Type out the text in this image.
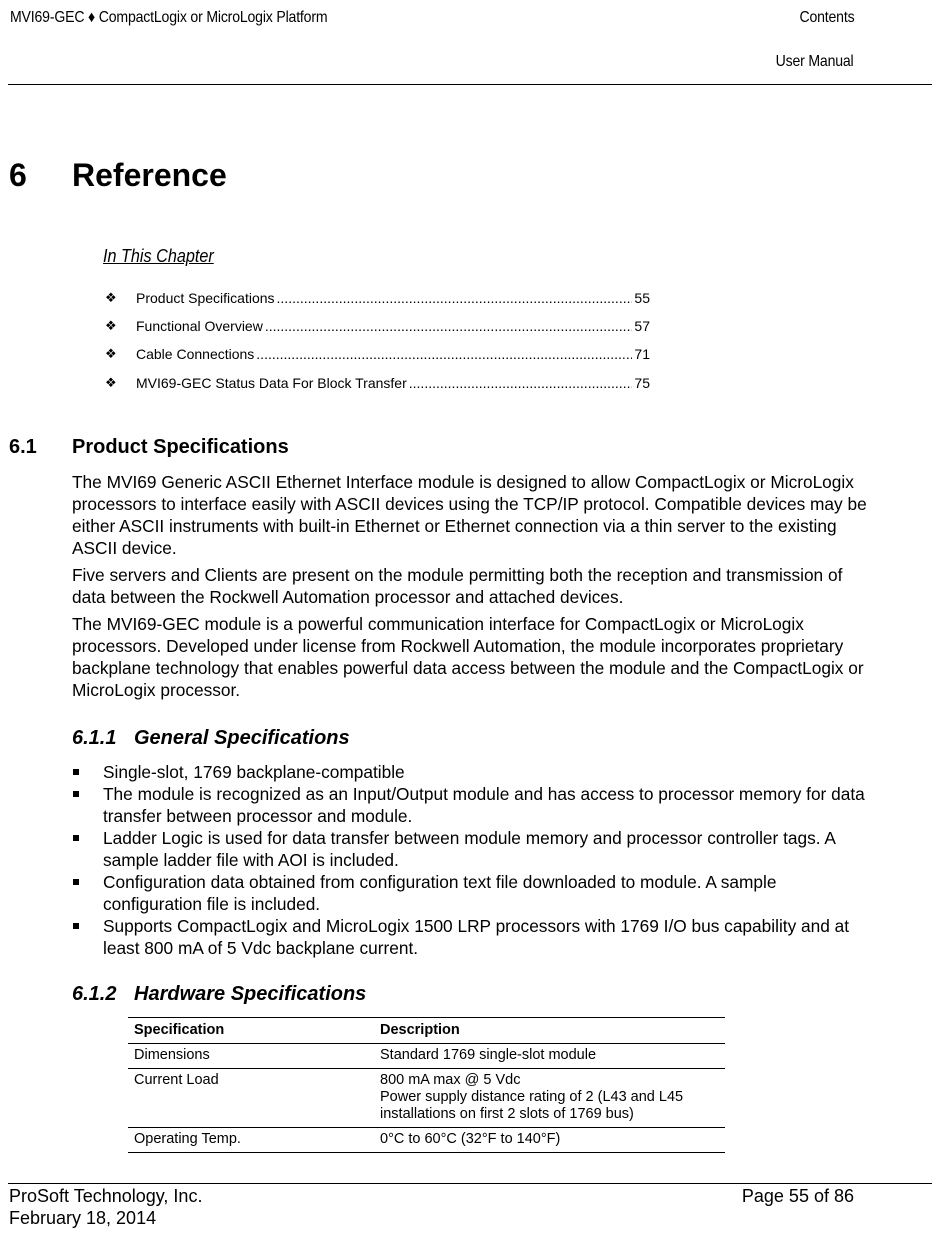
MVI69-GEC ♦ CompactLogix or MicroLogix Platform	Contents
User Manual
6 Reference
In This Chapter
❖ Product Specifications .....	55
❖ Functional Overview .....	57
❖ Cable Connections .....	71
❖ MVI69-GEC Status Data For Block Transfer .....	75
6.1 Product Specifications
The MVI69 Generic ASCII Ethernet Interface module is designed to allow CompactLogix or MicroLogix processors to interface easily with ASCII devices using the TCP/IP protocol. Compatible devices may be either ASCII instruments with built-in Ethernet or Ethernet connection via a thin server to the existing ASCII device.
Five servers and Clients are present on the module permitting both the reception and transmission of data between the Rockwell Automation processor and attached devices.
The MVI69-GEC module is a powerful communication interface for CompactLogix or MicroLogix processors. Developed under license from Rockwell Automation, the module incorporates proprietary backplane technology that enables powerful data access between the module and the CompactLogix or MicroLogix processor.
6.1.1 General Specifications
Single-slot, 1769 backplane-compatible
The module is recognized as an Input/Output module and has access to processor memory for data transfer between processor and module.
Ladder Logic is used for data transfer between module memory and processor controller tags. A sample ladder file with AOI is included.
Configuration data obtained from configuration text file downloaded to module. A sample configuration file is included.
Supports CompactLogix and MicroLogix 1500 LRP processors with 1769 I/O bus capability and at least 800 mA of 5 Vdc backplane current.
6.1.2 Hardware Specifications
Specification	Description
Dimensions	Standard 1769 single-slot module

Current Load	800 mA max @ 5 Vdc
Power supply distance rating of 2 (L43 and L45 installations on first 2 slots of 1769 bus)

Operating Temp.	0°C to 60°C (32°F to 140°F)
ProSoft Technology, Inc.
February 18, 2014
Page 55 of 86
